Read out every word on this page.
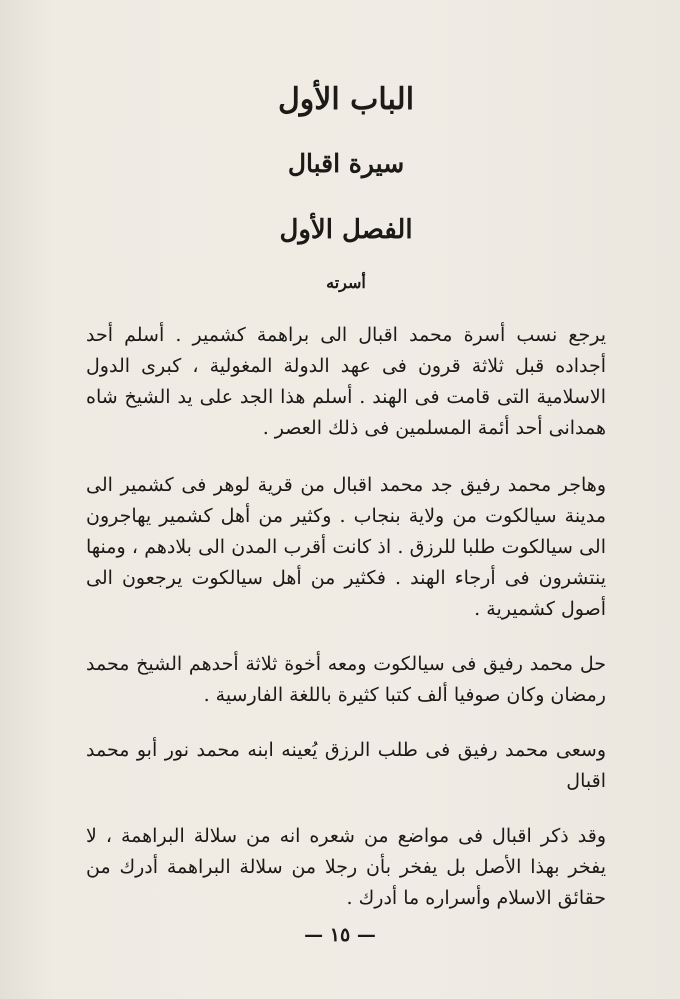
الباب الأول
سيرة اقبال
الفصل الأول
أسرته

يرجع نسب أسرة محمد اقبال الى براهمة كشمير . أسلم أحد أجداده قبل ثلاثة قرون فى عهد الدولة المغولية ، كبرى الدول الاسلامية التى قامت فى الهند . أسلم هذا الجد على يد الشيخ شاه همدانى أحد أئمة المسلمين فى ذلك العصر .

وهاجر محمد رفيق جد محمد اقبال من قرية لوهر فى كشمير الى مدينة سيالكوت من ولاية بنجاب . وكثير من أهل كشمير يهاجرون الى سيالكوت طلبا للرزق . اذ كانت أقرب المدن الى بلادهم ، ومنها ينتشرون فى أرجاء الهند . فكثير من أهل سيالكوت يرجعون الى أصول كشميرية .

حل محمد رفيق فى سيالكوت ومعه أخوة ثلاثة أحدهم الشيخ محمد رمضان وكان صوفيا ألف كتبا كثيرة باللغة الفارسية .

وسعى محمد رفيق فى طلب الرزق يُعينه ابنه محمد نور أبو محمد اقبال

وقد ذكر اقبال فى مواضع من شعره انه من سلالة البراهمة ، لا يفخر بهذا الأصل بل يفخر بأن رجلا من سلالة البراهمة أدرك من حقائق الاسلام وأسراره ما أدرك .

— ١٥ —
